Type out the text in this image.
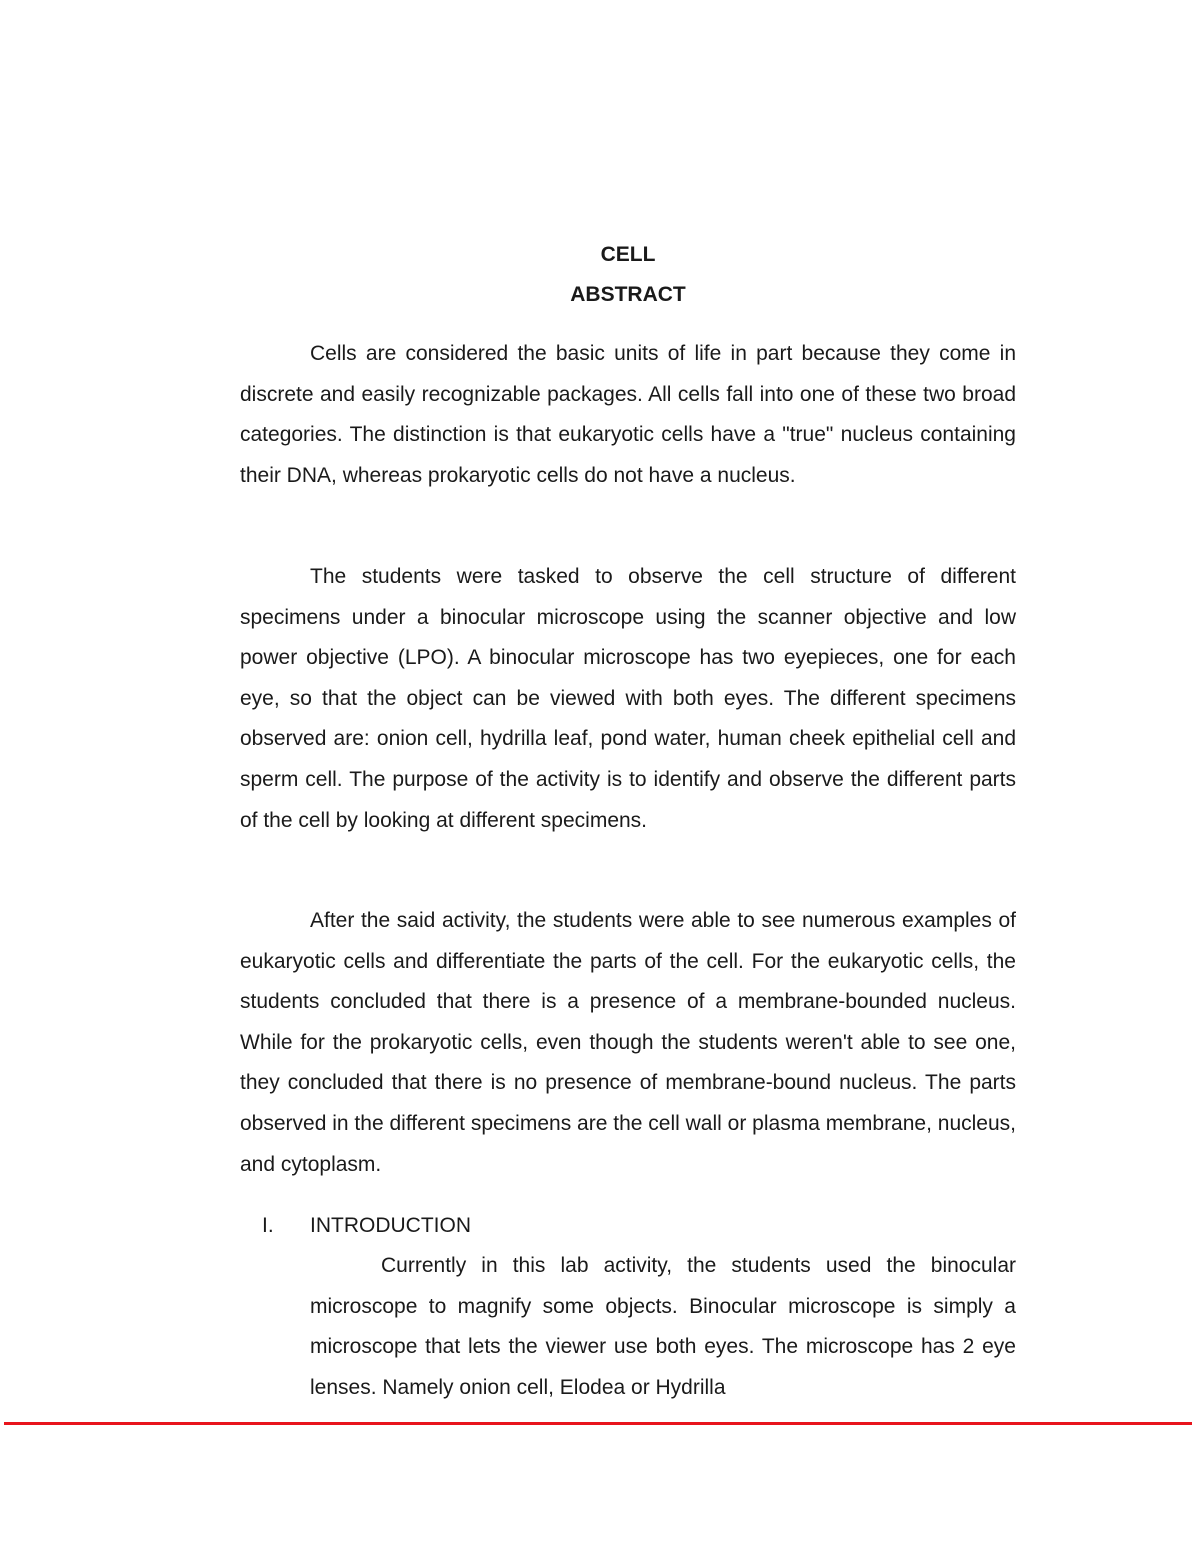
CELL
ABSTRACT

Cells are considered the basic units of life in part because they come in discrete and easily recognizable packages. All cells fall into one of these two broad categories. The distinction is that eukaryotic cells have a "true" nucleus containing their DNA, whereas prokaryotic cells do not have a nucleus.

The students were tasked to observe the cell structure of different specimens under a binocular microscope using the scanner objective and low power objective (LPO). A binocular microscope has two eyepieces, one for each eye, so that the object can be viewed with both eyes. The different specimens observed are: onion cell, hydrilla leaf, pond water, human cheek epithelial cell and sperm cell. The purpose of the activity is to identify and observe the different parts of the cell by looking at different specimens.

After the said activity, the students were able to see numerous examples of eukaryotic cells and differentiate the parts of the cell. For the eukaryotic cells, the students concluded that there is a presence of a membrane-bounded nucleus. While for the prokaryotic cells, even though the students weren't able to see one, they concluded that there is no presence of membrane-bound nucleus. The parts observed in the different specimens are the cell wall or plasma membrane, nucleus, and cytoplasm.

I. INTRODUCTION

Currently in this lab activity, the students used the binocular microscope to magnify some objects. Binocular microscope is simply a microscope that lets the viewer use both eyes. The microscope has 2 eye lenses. Namely onion cell, Elodea or Hydrilla
